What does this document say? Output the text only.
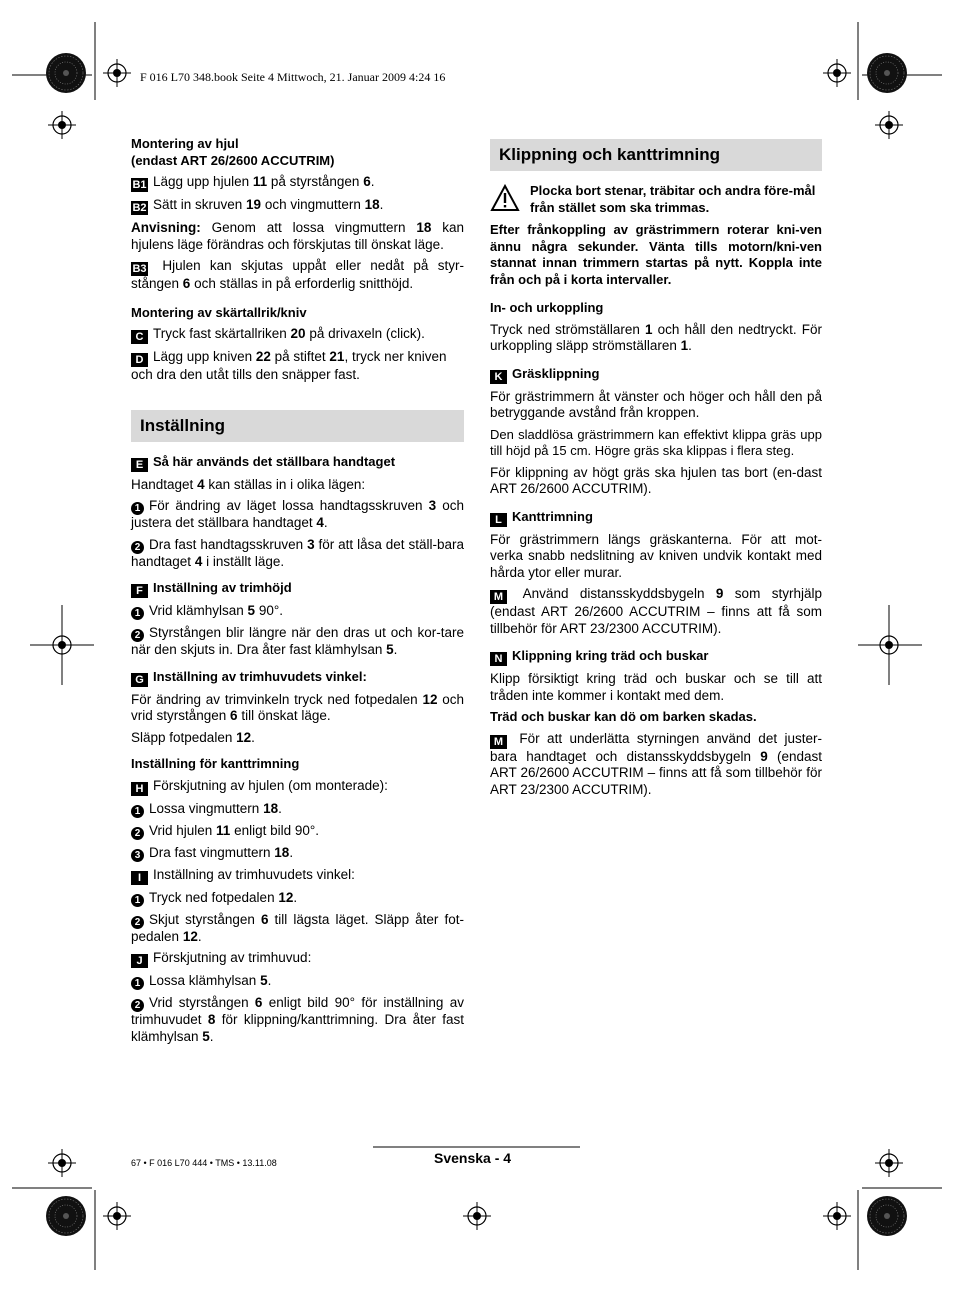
F 016 L70 348.book Seite 4 Mittwoch, 21. Januar 2009 4:24 16
Montering av hjul
(endast ART 26/2600 ACCUTRIM)

B1 Lägg upp hjulen 11 på styrstången 6.

B2 Sätt in skruven 19 och vingmuttern 18.

Anvisning: Genom att lossa vingmuttern 18 kan hjulens läge förändras och förskjutas till önskat läge.

B3 Hjulen kan skjutas uppåt eller nedåt på styr-stången 6 och ställas in på erforderlig snitthöjd.

Montering av skärtallrik/kniv

C Tryck fast skärtallriken 20 på drivaxeln (click).

D Lägg upp kniven 22 på stiftet 21, tryck ner kniven och dra den utåt tills den snäpper fast.

Inställning
E Så här används det ställbara handtaget

Handtaget 4 kan ställas in i olika lägen:

1 För ändring av läget lossa handtagsskruven 3 och justera det ställbara handtaget 4.

2 Dra fast handtagsskruven 3 för att låsa det ställ-bara handtaget 4 i inställt läge.

F Inställning av trimhöjd

1 Vrid klämhylsan 5 90°.

2 Styrstången blir längre när den dras ut och kor-tare när den skjuts in. Dra åter fast klämhylsan 5.

G Inställning av trimhuvudets vinkel:

För ändring av trimvinkeln tryck ned fotpedalen 12 och vrid styrstången 6 till önskat läge.

Släpp fotpedalen 12.

Inställning för kanttrimning

H Förskjutning av hjulen (om monterade):

1 Lossa vingmuttern 18.

2 Vrid hjulen 11 enligt bild 90°.

3 Dra fast vingmuttern 18.

I Inställning av trimhuvudets vinkel:

1 Tryck ned fotpedalen 12.

2 Skjut styrstången 6 till lägsta läget. Släpp åter fot-pedalen 12.

J Förskjutning av trimhuvud:

1 Lossa klämhylsan 5.

2 Vrid styrstången 6 enligt bild 90° för inställning av trimhuvudet 8 för klippning/kanttrimning. Dra åter fast klämhylsan 5.

Klippning och kanttrimning
Plocka bort stenar, träbitar och andra före-mål från stället som ska trimmas.

Efter frånkoppling av grästrimmern roterar kni-ven ännu några sekunder. Vänta tills motorn/kni-ven stannat innan trimmern startas på nytt. Koppla inte från och på i korta intervaller.

In- och urkoppling

Tryck ned strömställaren 1 och håll den nedtryckt. För urkoppling släpp strömställaren 1.

K Gräsklippning

För grästrimmern åt vänster och höger och håll den på betryggande avstånd från kroppen.

Den sladdlösa grästrimmern kan effektivt klippa gräs upp till höjd på 15 cm. Högre gräs ska klippas i flera steg.

För klippning av högt gräs ska hjulen tas bort (en-dast ART 26/2600 ACCUTRIM).

L Kanttrimning

För grästrimmern längs gräskanterna. För att mot-verka snabb nedslitning av kniven undvik kontakt med hårda ytor eller murar.

M Använd distansskyddsbygeln 9 som styrhjälp (endast ART 26/2600 ACCUTRIM – finns att få som tillbehör för ART 23/2300 ACCUTRIM).

N Klippning kring träd och buskar

Klipp försiktigt kring träd och buskar och se till att tråden inte kommer i kontakt med dem.

Träd och buskar kan dö om barken skadas.

M För att underlätta styrningen använd det juster-bara handtaget och distansskyddsbygeln 9 (endast ART 26/2600 ACCUTRIM – finns att få som tillbehör för ART 23/2300 ACCUTRIM).

67 • F 016 L70 444 • TMS • 13.11.08	Svenska - 4
